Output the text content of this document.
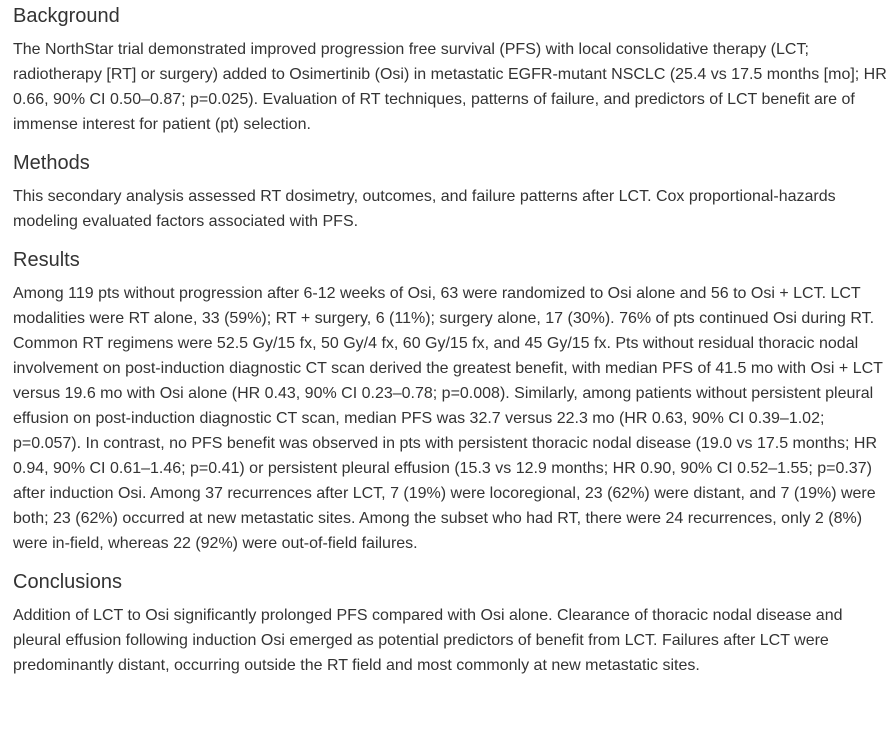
Background

The NorthStar trial demonstrated improved progression free survival (PFS) with local consolidative therapy (LCT; radiotherapy [RT] or surgery) added to Osimertinib (Osi) in metastatic EGFR-mutant NSCLC (25.4 vs 17.5 months [mo]; HR 0.66, 90% CI 0.50–0.87; p=0.025). Evaluation of RT techniques, patterns of failure, and predictors of LCT benefit are of immense interest for patient (pt) selection.

Methods

This secondary analysis assessed RT dosimetry, outcomes, and failure patterns after LCT. Cox proportional-hazards modeling evaluated factors associated with PFS.

Results

Among 119 pts without progression after 6-12 weeks of Osi, 63 were randomized to Osi alone and 56 to Osi + LCT. LCT modalities were RT alone, 33 (59%); RT + surgery, 6 (11%); surgery alone, 17 (30%). 76% of pts continued Osi during RT. Common RT regimens were 52.5 Gy/15 fx, 50 Gy/4 fx, 60 Gy/15 fx, and 45 Gy/15 fx. Pts without residual thoracic nodal involvement on post-induction diagnostic CT scan derived the greatest benefit, with median PFS of 41.5 mo with Osi + LCT versus 19.6 mo with Osi alone (HR 0.43, 90% CI 0.23–0.78; p=0.008). Similarly, among patients without persistent pleural effusion on post-induction diagnostic CT scan, median PFS was 32.7 versus 22.3 mo (HR 0.63, 90% CI 0.39–1.02; p=0.057). In contrast, no PFS benefit was observed in pts with persistent thoracic nodal disease (19.0 vs 17.5 months; HR 0.94, 90% CI 0.61–1.46; p=0.41) or persistent pleural effusion (15.3 vs 12.9 months; HR 0.90, 90% CI 0.52–1.55; p=0.37) after induction Osi. Among 37 recurrences after LCT, 7 (19%) were locoregional, 23 (62%) were distant, and 7 (19%) were both; 23 (62%) occurred at new metastatic sites. Among the subset who had RT, there were 24 recurrences, only 2 (8%) were in-field, whereas 22 (92%) were out-of-field failures.

Conclusions

Addition of LCT to Osi significantly prolonged PFS compared with Osi alone. Clearance of thoracic nodal disease and pleural effusion following induction Osi emerged as potential predictors of benefit from LCT. Failures after LCT were predominantly distant, occurring outside the RT field and most commonly at new metastatic sites.
